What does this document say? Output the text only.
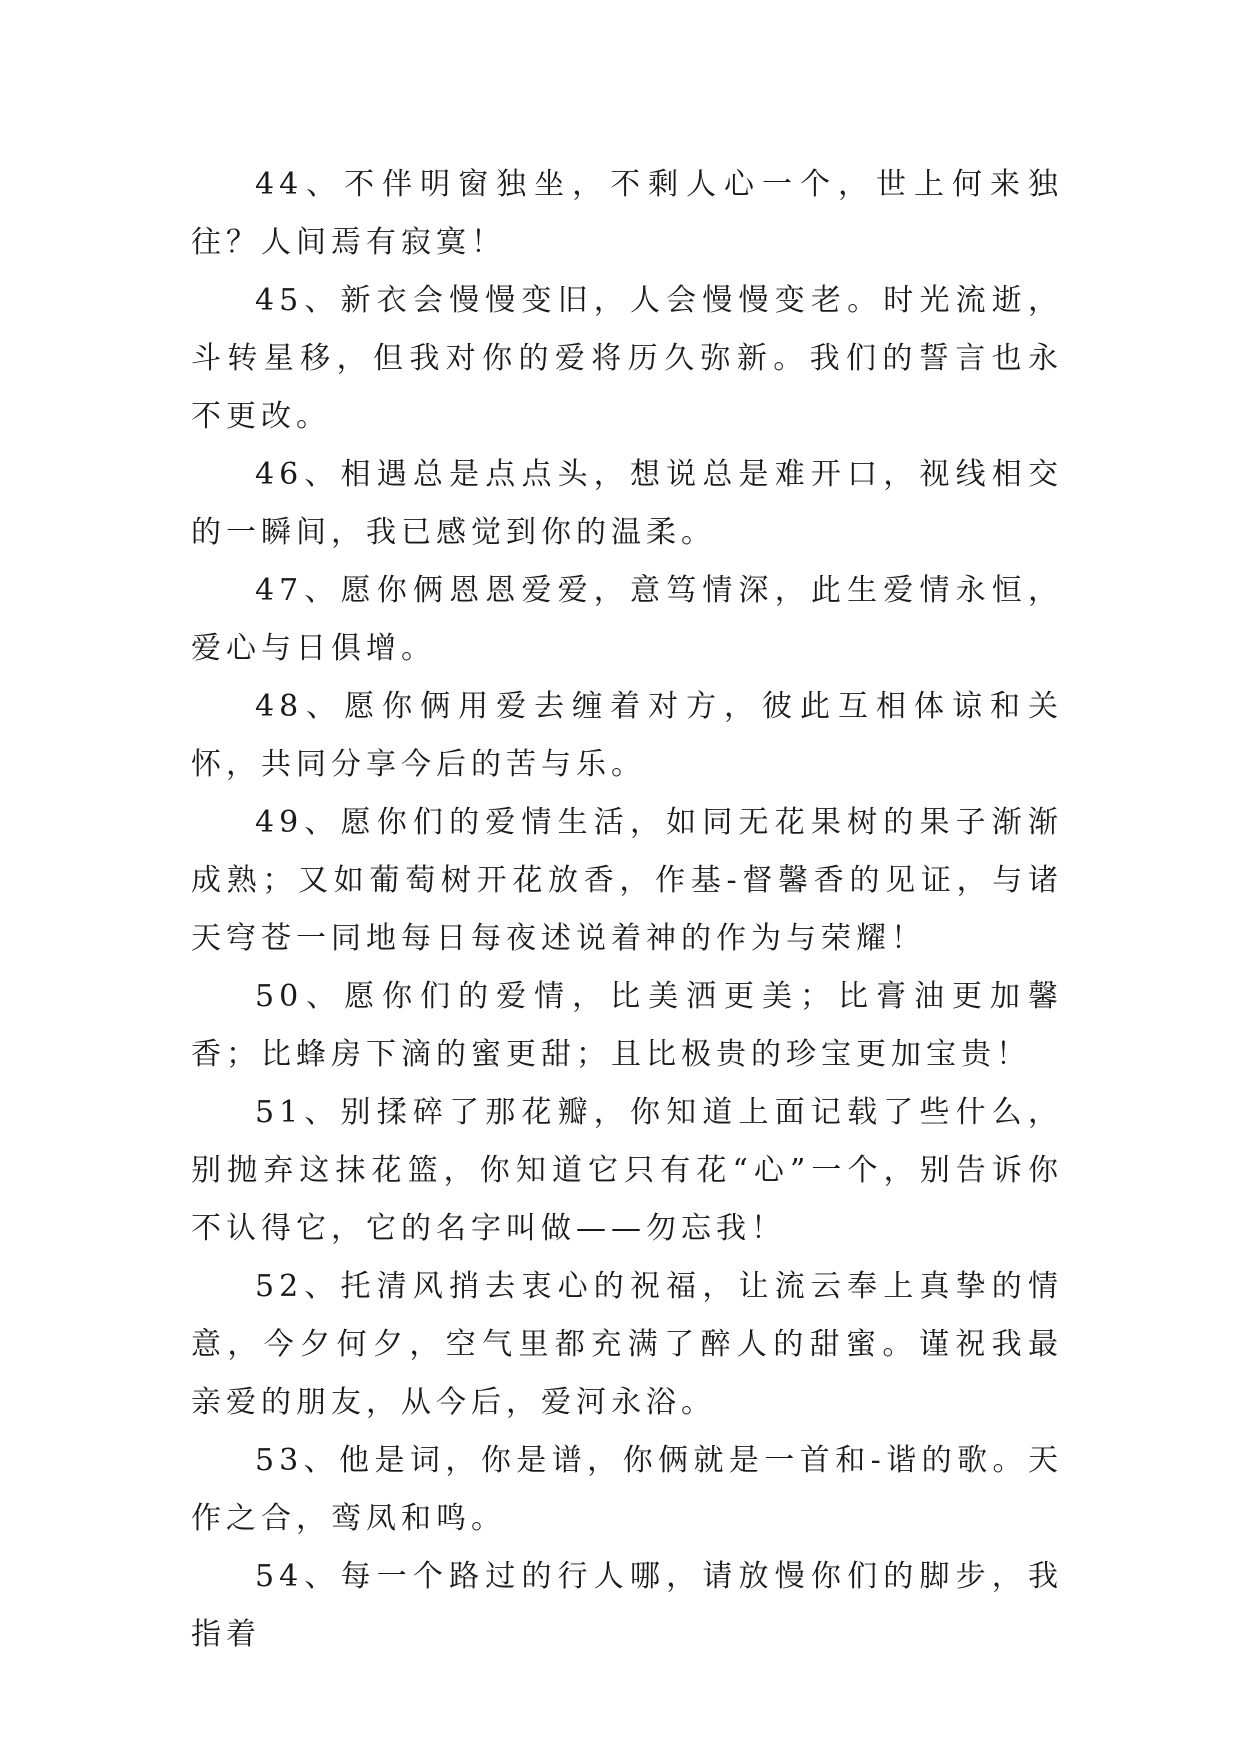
44、不伴明窗独坐，不剩人心一个，世上何来独往？人间焉有寂寞！

45、新衣会慢慢变旧，人会慢慢变老。时光流逝，斗转星移，但我对你的爱将历久弥新。我们的誓言也永不更改。

46、相遇总是点点头，想说总是难开口，视线相交的一瞬间，我已感觉到你的温柔。

47、愿你俩恩恩爱爱，意笃情深，此生爱情永恒，爱心与日俱增。

48、愿你俩用爱去缠着对方，彼此互相体谅和关怀，共同分享今后的苦与乐。

49、愿你们的爱情生活，如同无花果树的果子渐渐成熟；又如葡萄树开花放香，作基-督馨香的见证，与诸天穹苍一同地每日每夜述说着神的作为与荣耀！

50、愿你们的爱情，比美洒更美；比膏油更加馨香；比蜂房下滴的蜜更甜；且比极贵的珍宝更加宝贵！

51、别揉碎了那花瓣，你知道上面记载了些什么，别抛弃这抹花篮，你知道它只有花“心”一个，别告诉你不认得它，它的名字叫做——勿忘我！

52、托清风捎去衷心的祝福，让流云奉上真挚的情意，今夕何夕，空气里都充满了醉人的甜蜜。谨祝我最亲爱的朋友，从今后，爱河永浴。

53、他是词，你是谱，你俩就是一首和-谐的歌。天作之合，鸾凤和鸣。

54、每一个路过的行人哪，请放慢你们的脚步，我指着
